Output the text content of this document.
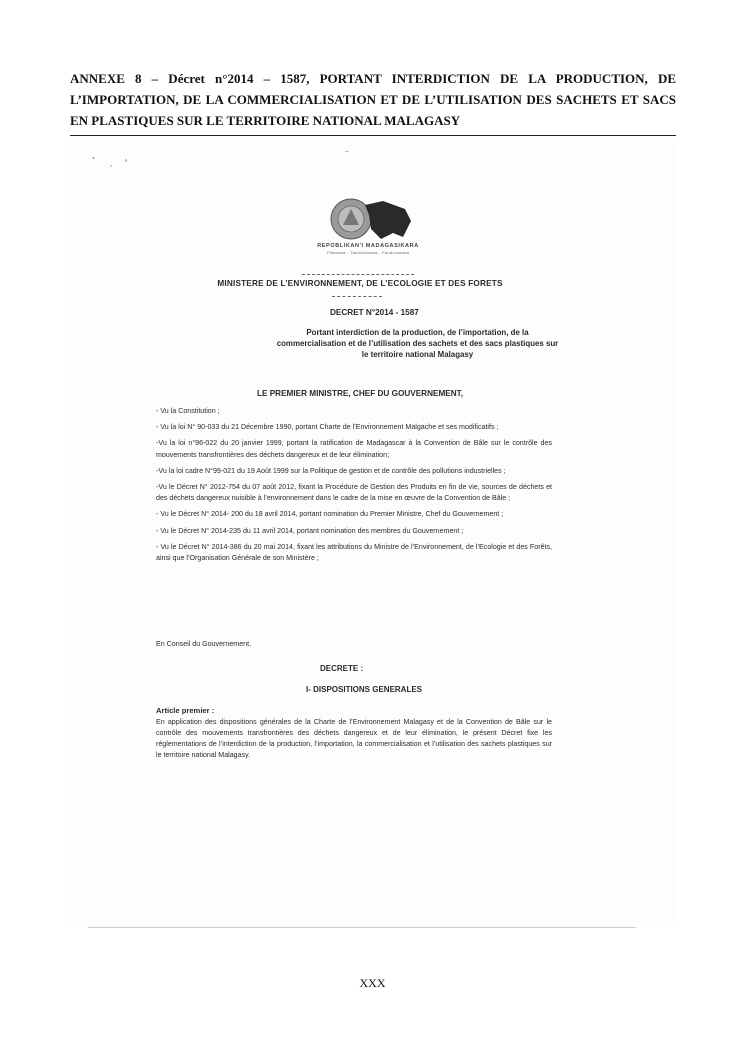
ANNEXE 8 – Décret n°2014 – 1587, PORTANT INTERDICTION DE LA PRODUCTION, DE L’IMPORTATION, DE LA COMMERCIALISATION ET DE L’UTILISATION DES SACHETS ET SACS EN PLASTIQUES SUR LE TERRITOIRE NATIONAL MALAGASY
REPOBLIKAN'I MADAGASIKARA
Fitiavana - Tanindrazana - Fandrosoana
MINISTERE DE L’ENVIRONNEMENT, DE L’ECOLOGIE ET DES FORETS
DECRET N°2014 - 1587
Portant interdiction de la production, de l’importation, de la commercialisation et de l’utilisation des sachets et des sacs plastiques sur le territoire national Malagasy
LE PREMIER MINISTRE, CHEF DU GOUVERNEMENT,

- Vu la Constitution ;

- Vu la loi N° 90-033 du 21 Décembre 1990, portant Charte de l’Environnement Malgache et ses modificatifs ;

-Vu la loi n°96-022 du 20 janvier 1999, portant la ratification de Madagascar à la Convention de Bâle sur le contrôle des mouvements transfrontières des déchets dangereux et de leur élimination;

-Vu la loi cadre N°99-021 du 19 Août 1999 sur la Politique de gestion et de contrôle des pollutions industrielles ;

-Vu le Décret N° 2012-754 du 07 août 2012, fixant la Procédure de Gestion des Produits en fin de vie, sources de déchets et des déchets dangereux nuisible à l’environnement dans le cadre de la mise en œuvre de la Convention de Bâle ;

- Vu le Décret N° 2014- 200 du 18 avril 2014, portant nomination du Premier Ministre, Chef du Gouvernement ;

- Vu le Décret N° 2014-235 du 11 avril 2014, portant nomination des membres du Gouvernement ;

- Vu le Décret N° 2014-386 du 20 mai 2014, fixant les attributions du Ministre de l’Environnement, de l’Ecologie et des Forêts, ainsi que l’Organisation Générale de son Ministère ;

En Conseil du Gouvernement,
DECRETE :
I- DISPOSITIONS GENERALES
Article premier :
En application des dispositions générales de la Charte de l’Environnement Malagasy et de la Convention de Bâle sur le contrôle des mouvements transfrontières des déchets dangereux et de leur élimination, le présent Décret fixe les réglementations de l’interdiction de la production, l’importation, la commercialisation et l’utilisation des sachets plastiques sur le territoire national Malagasy.
XXX
